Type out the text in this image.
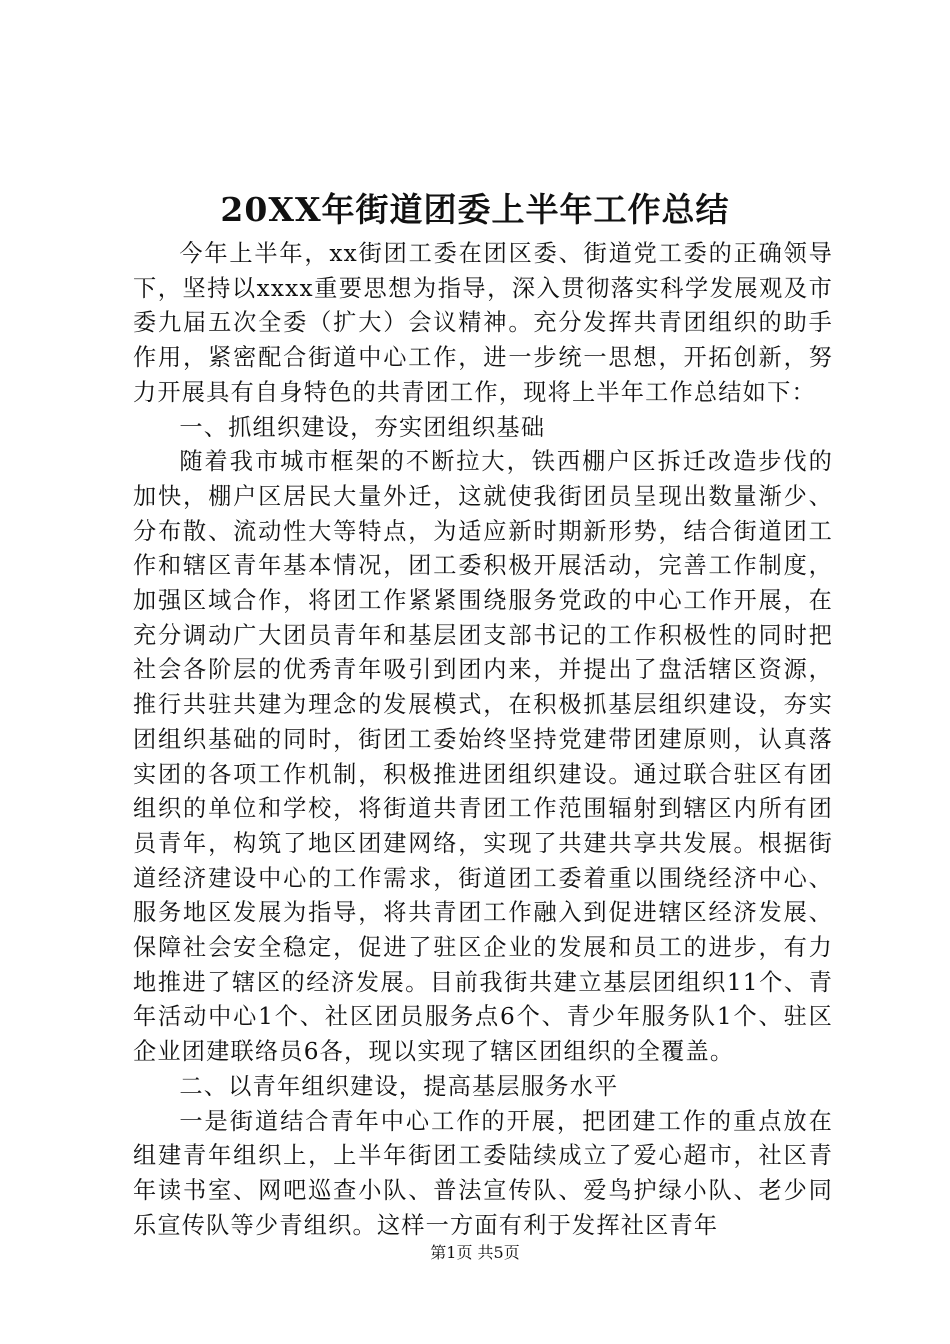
20XX年街道团委上半年工作总结

今年上半年，xx街团工委在团区委、街道党工委的正确领导下，坚持以xxxx重要思想为指导，深入贯彻落实科学发展观及市委九届五次全委（扩大）会议精神。充分发挥共青团组织的助手作用，紧密配合街道中心工作，进一步统一思想，开拓创新，努力开展具有自身特色的共青团工作，现将上半年工作总结如下：

一、抓组织建设，夯实团组织基础

随着我市城市框架的不断拉大，铁西棚户区拆迁改造步伐的加快，棚户区居民大量外迁，这就使我街团员呈现出数量渐少、分布散、流动性大等特点，为适应新时期新形势，结合街道团工作和辖区青年基本情况，团工委积极开展活动，完善工作制度，加强区域合作，将团工作紧紧围绕服务党政的中心工作开展，在充分调动广大团员青年和基层团支部书记的工作积极性的同时把社会各阶层的优秀青年吸引到团内来，并提出了盘活辖区资源，推行共驻共建为理念的发展模式，在积极抓基层组织建设，夯实团组织基础的同时，街团工委始终坚持党建带团建原则，认真落实团的各项工作机制，积极推进团组织建设。通过联合驻区有团组织的单位和学校，将街道共青团工作范围辐射到辖区内所有团员青年，构筑了地区团建网络，实现了共建共享共发展。根据街道经济建设中心的工作需求，街道团工委着重以围绕经济中心、服务地区发展为指导，将共青团工作融入到促进辖区经济发展、保障社会安全稳定，促进了驻区企业的发展和员工的进步，有力地推进了辖区的经济发展。目前我街共建立基层团组织11个、青年活动中心1个、社区团员服务点6个、青少年服务队1个、驻区企业团建联络员6各，现以实现了辖区团组织的全覆盖。

二、以青年组织建设，提高基层服务水平

一是街道结合青年中心工作的开展，把团建工作的重点放在组建青年组织上，上半年街团工委陆续成立了爱心超市，社区青年读书室、网吧巡查小队、普法宣传队、爱鸟护绿小队、老少同乐宣传队等少青组织。这样一方面有利于发挥社区青年

第1页 共5页
